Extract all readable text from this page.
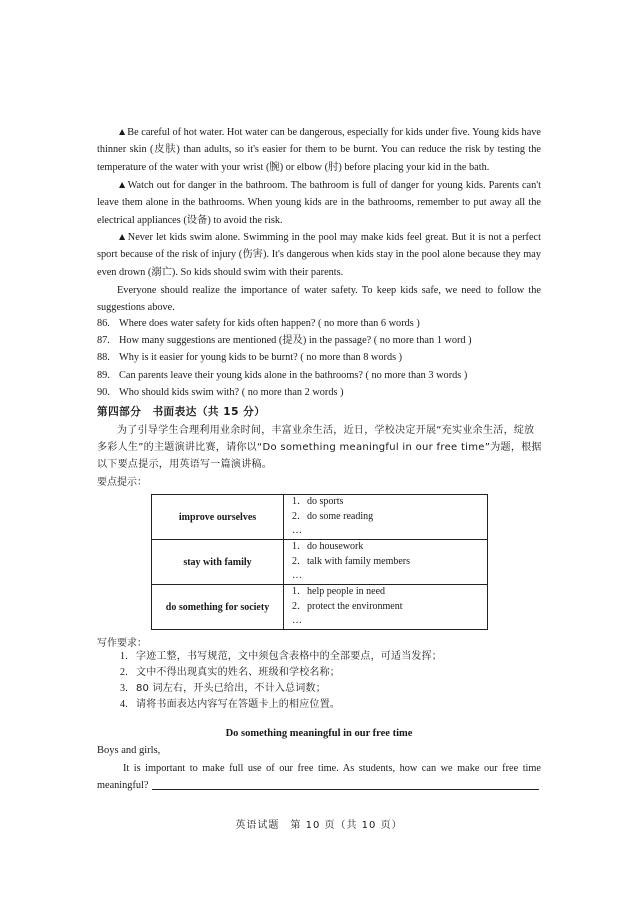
▲Be careful of hot water. Hot water can be dangerous, especially for kids under five. Young kids have thinner skin (皮肤) than adults, so it's easier for them to be burnt. You can reduce the risk by testing the temperature of the water with your wrist (腕) or elbow (肘) before placing your kid in the bath.

▲Watch out for danger in the bathroom. The bathroom is full of danger for young kids. Parents can't leave them alone in the bathrooms. When young kids are in the bathrooms, remember to put away all the electrical appliances (设备) to avoid the risk.

▲Never let kids swim alone. Swimming in the pool may make kids feel great. But it is not a perfect sport because of the risk of injury (伤害). It's dangerous when kids stay in the pool alone because they may even drown (溺亡). So kids should swim with their parents.

Everyone should realize the importance of water safety. To keep kids safe, we need to follow the suggestions above.

86. Where does water safety for kids often happen? ( no more than 6 words )
87. How many suggestions are mentioned (提及) in the passage? ( no more than 1 word )
88. Why is it easier for young kids to be burnt? ( no more than 8 words )
89. Can parents leave their young kids alone in the bathrooms? ( no more than 3 words )
90. Who should kids swim with? ( no more than 2 words )
第四部分　书面表达（共 15 分）

为了引导学生合理利用业余时间，丰富业余生活，近日，学校决定开展“充实业余生活，绽放多彩人生”的主题演讲比赛，请你以“Do something meaningful in our free time”为题，根据以下要点提示，用英语写一篇演讲稿。

要点提示：
improve ourselves	1．do sports
2．do some reading
…

stay with family	1．do housework
2．talk with family members
…

do something for society	1．help people in need
2．protect the environment
…
写作要求：
1. 字迹工整，书写规范，文中须包含表格中的全部要点，可适当发挥；
2. 文中不得出现真实的姓名、班级和学校名称；
3. 80 词左右，开头已给出，不计入总词数；
4. 请将书面表达内容写在答题卡上的相应位置。
Do something meaningful in our free time
Boys and girls,

It is important to make full use of our free time. As students, how can we make our free time meaningful?

英语试题　第 10 页（共 10 页）
